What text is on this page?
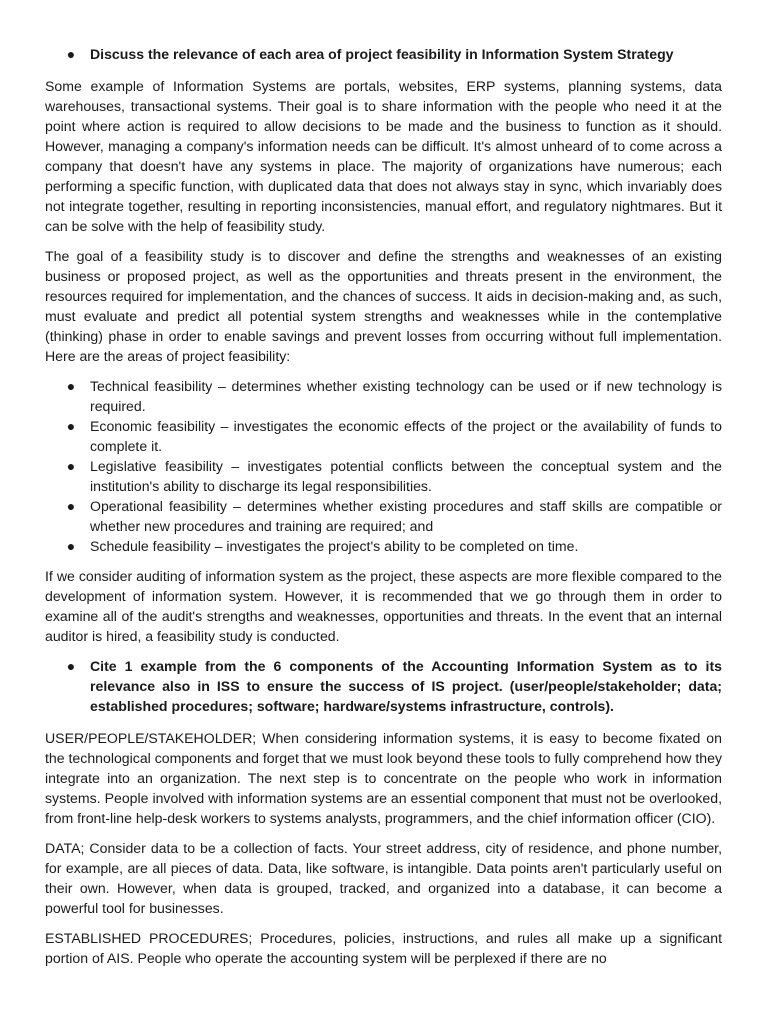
● Discuss the relevance of each area of project feasibility in Information System Strategy

Some example of Information Systems are portals, websites, ERP systems, planning systems, data warehouses, transactional systems. Their goal is to share information with the people who need it at the point where action is required to allow decisions to be made and the business to function as it should. However, managing a company's information needs can be difficult. It's almost unheard of to come across a company that doesn't have any systems in place. The majority of organizations have numerous; each performing a specific function, with duplicated data that does not always stay in sync, which invariably does not integrate together, resulting in reporting inconsistencies, manual effort, and regulatory nightmares. But it can be solve with the help of feasibility study.

The goal of a feasibility study is to discover and define the strengths and weaknesses of an existing business or proposed project, as well as the opportunities and threats present in the environment, the resources required for implementation, and the chances of success. It aids in decision-making and, as such, must evaluate and predict all potential system strengths and weaknesses while in the contemplative (thinking) phase in order to enable savings and prevent losses from occurring without full implementation. Here are the areas of project feasibility:

● Technical feasibility – determines whether existing technology can be used or if new technology is required.
● Economic feasibility – investigates the economic effects of the project or the availability of funds to complete it.
● Legislative feasibility – investigates potential conflicts between the conceptual system and the institution's ability to discharge its legal responsibilities.
● Operational feasibility – determines whether existing procedures and staff skills are compatible or whether new procedures and training are required; and
● Schedule feasibility – investigates the project's ability to be completed on time.

If we consider auditing of information system as the project, these aspects are more flexible compared to the development of information system. However, it is recommended that we go through them in order to examine all of the audit's strengths and weaknesses, opportunities and threats. In the event that an internal auditor is hired, a feasibility study is conducted.

● Cite 1 example from the 6 components of the Accounting Information System as to its relevance also in ISS to ensure the success of IS project. (user/people/stakeholder; data; established procedures; software; hardware/systems infrastructure, controls).

USER/PEOPLE/STAKEHOLDER; When considering information systems, it is easy to become fixated on the technological components and forget that we must look beyond these tools to fully comprehend how they integrate into an organization. The next step is to concentrate on the people who work in information systems. People involved with information systems are an essential component that must not be overlooked, from front-line help-desk workers to systems analysts, programmers, and the chief information officer (CIO).

DATA; Consider data to be a collection of facts. Your street address, city of residence, and phone number, for example, are all pieces of data. Data, like software, is intangible. Data points aren't particularly useful on their own. However, when data is grouped, tracked, and organized into a database, it can become a powerful tool for businesses.

ESTABLISHED PROCEDURES; Procedures, policies, instructions, and rules all make up a significant portion of AIS. People who operate the accounting system will be perplexed if there are no
